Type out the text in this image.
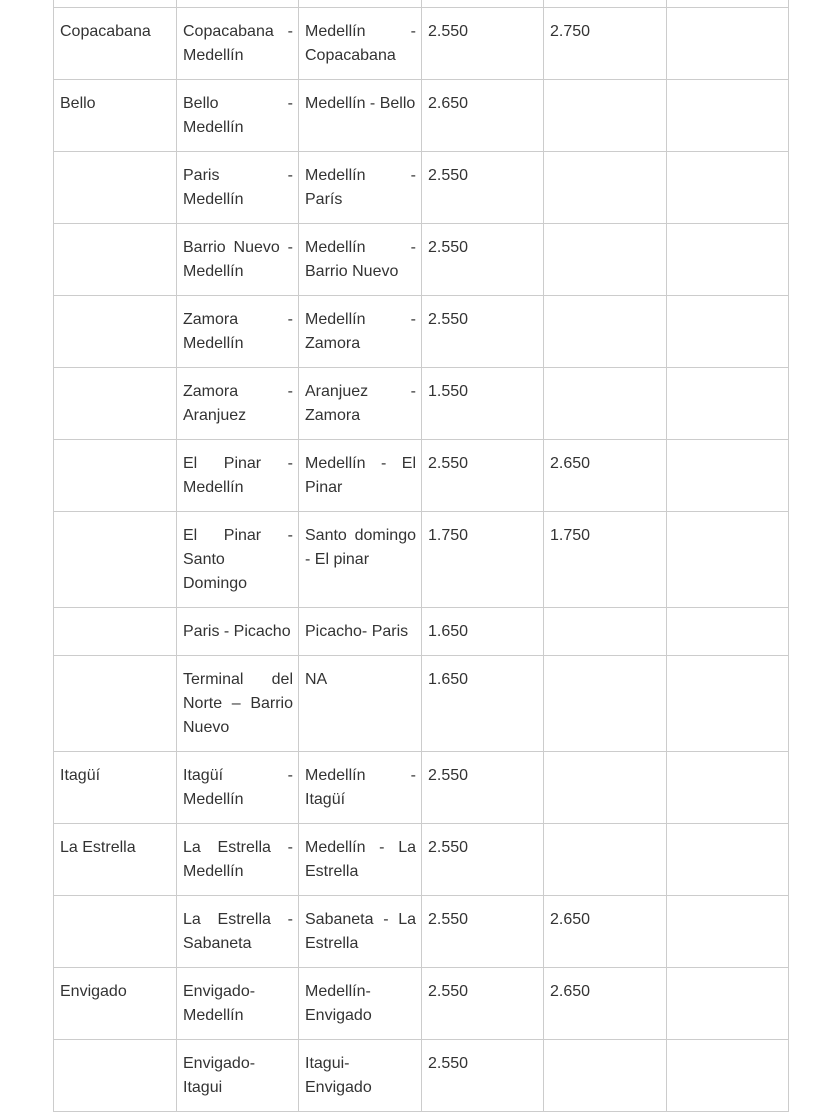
Copacabana	Copacabana - Medellín	Medellín - Copacabana	2.550	2.750	
Bello	Bello - Medellín	Medellín - Bello	2.650		
	Paris - Medellín	Medellín - París	2.550		
	Barrio Nuevo - Medellín	Medellín - Barrio Nuevo	2.550		
	Zamora - Medellín	Medellín - Zamora	2.550		
	Zamora - Aranjuez	Aranjuez - Zamora	1.550		
	El Pinar - Medellín	Medellín - El Pinar	2.550	2.650	
	El Pinar - Santo Domingo	Santo domingo - El pinar	1.750	1.750	
	Paris - Picacho	Picacho- Paris	1.650		
	Terminal del Norte – Barrio Nuevo	NA	1.650		
Itagüí	Itagüí - Medellín	Medellín - Itagüí	2.550		
La Estrella	La Estrella - Medellín	Medellín - La Estrella	2.550		
	La Estrella - Sabaneta	Sabaneta - La Estrella	2.550	2.650	
Envigado	Envigado-Medellín	Medellín-Envigado	2.550	2.650	
	Envigado-Itagui	Itagui-Envigado	2.550		
